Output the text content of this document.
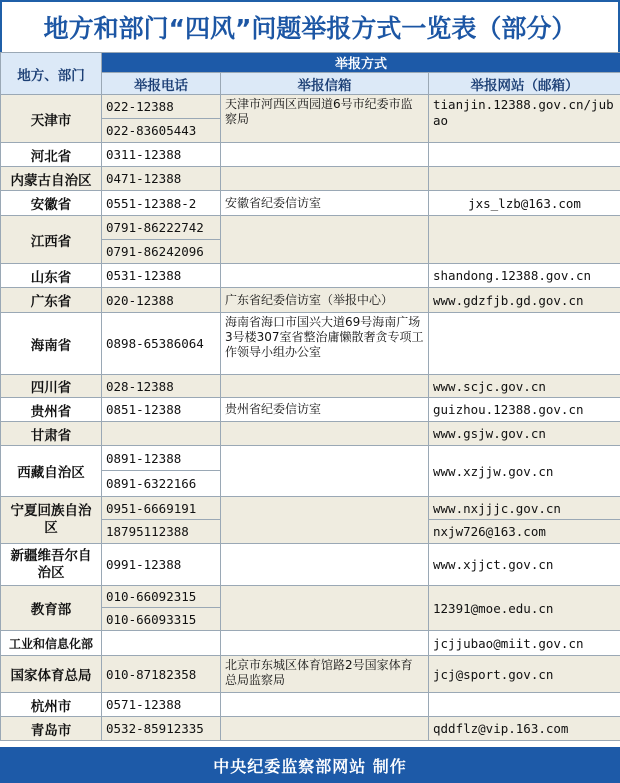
地方和部门“四风”问题举报方式一览表（部分）
地方、部门	举报方式		
	举报电话	举报信箱	举报网站（邮箱）
天津市	022-12388	天津市河西区西园道6号市纪委市监察局	tianjin.12388.gov.cn/jubao
	022-83605443		
河北省	0311-12388		
内蒙古自治区	0471-12388		
安徽省	0551-12388-2	安徽省纪委信访室	jxs_lzb@163.com
江西省	0791-86222742		
	0791-86242096		
山东省	0531-12388		shandong.12388.gov.cn
广东省	020-12388	广东省纪委信访室（举报中心）	www.gdzfjb.gd.gov.cn
海南省	0898-65386064	海南省海口市国兴大道69号海南广场3号楼307室省整治庸懒散奢贪专项工作领导小组办公室	
四川省	028-12388		www.scjc.gov.cn
贵州省	0851-12388	贵州省纪委信访室	guizhou.12388.gov.cn
甘肃省			www.gsjw.gov.cn
西藏自治区	0891-12388		www.xzjjw.gov.cn
	0891-6322166		
宁夏回族自治区	0951-6669191		www.nxjjjc.gov.cn
	18795112388		nxjw726@163.com
新疆维吾尔自治区	0991-12388		www.xjjct.gov.cn
教育部	010-66092315		12391@moe.edu.cn
	010-66093315		
工业和信息化部			jcjjubao@miit.gov.cn
国家体育总局	010-87182358	北京市东城区体育馆路2号国家体育总局监察局	jcj@sport.gov.cn
杭州市	0571-12388		
青岛市	0532-85912335		qddflz@vip.163.com
中央纪委监察部网站 制作
